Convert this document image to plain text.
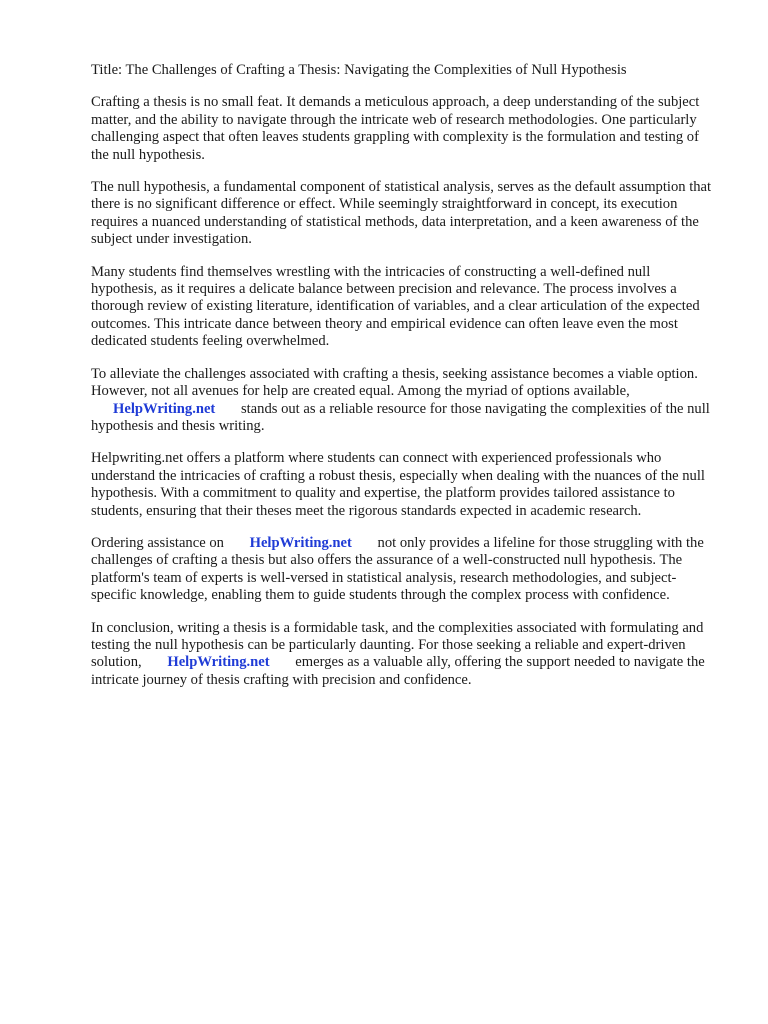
Title: The Challenges of Crafting a Thesis: Navigating the Complexities of Null Hypothesis

Crafting a thesis is no small feat. It demands a meticulous approach, a deep understanding of the subject matter, and the ability to navigate through the intricate web of research methodologies. One particularly challenging aspect that often leaves students grappling with complexity is the formulation and testing of the null hypothesis.

The null hypothesis, a fundamental component of statistical analysis, serves as the default assumption that there is no significant difference or effect. While seemingly straightforward in concept, its execution requires a nuanced understanding of statistical methods, data interpretation, and a keen awareness of the subject under investigation.

Many students find themselves wrestling with the intricacies of constructing a well-defined null hypothesis, as it requires a delicate balance between precision and relevance. The process involves a thorough review of existing literature, identification of variables, and a clear articulation of the expected outcomes. This intricate dance between theory and empirical evidence can often leave even the most dedicated students feeling overwhelmed.

To alleviate the challenges associated with crafting a thesis, seeking assistance becomes a viable option. However, not all avenues for help are created equal. Among the myriad of options available, HelpWriting.net stands out as a reliable resource for those navigating the complexities of the null hypothesis and thesis writing.

Helpwriting.net offers a platform where students can connect with experienced professionals who understand the intricacies of crafting a robust thesis, especially when dealing with the nuances of the null hypothesis. With a commitment to quality and expertise, the platform provides tailored assistance to students, ensuring that their theses meet the rigorous standards expected in academic research.

Ordering assistance on HelpWriting.net not only provides a lifeline for those struggling with the challenges of crafting a thesis but also offers the assurance of a well-constructed null hypothesis. The platform's team of experts is well-versed in statistical analysis, research methodologies, and subject-specific knowledge, enabling them to guide students through the complex process with confidence.

In conclusion, writing a thesis is a formidable task, and the complexities associated with formulating and testing the null hypothesis can be particularly daunting. For those seeking a reliable and expert-driven solution, HelpWriting.net emerges as a valuable ally, offering the support needed to navigate the intricate journey of thesis crafting with precision and confidence.
